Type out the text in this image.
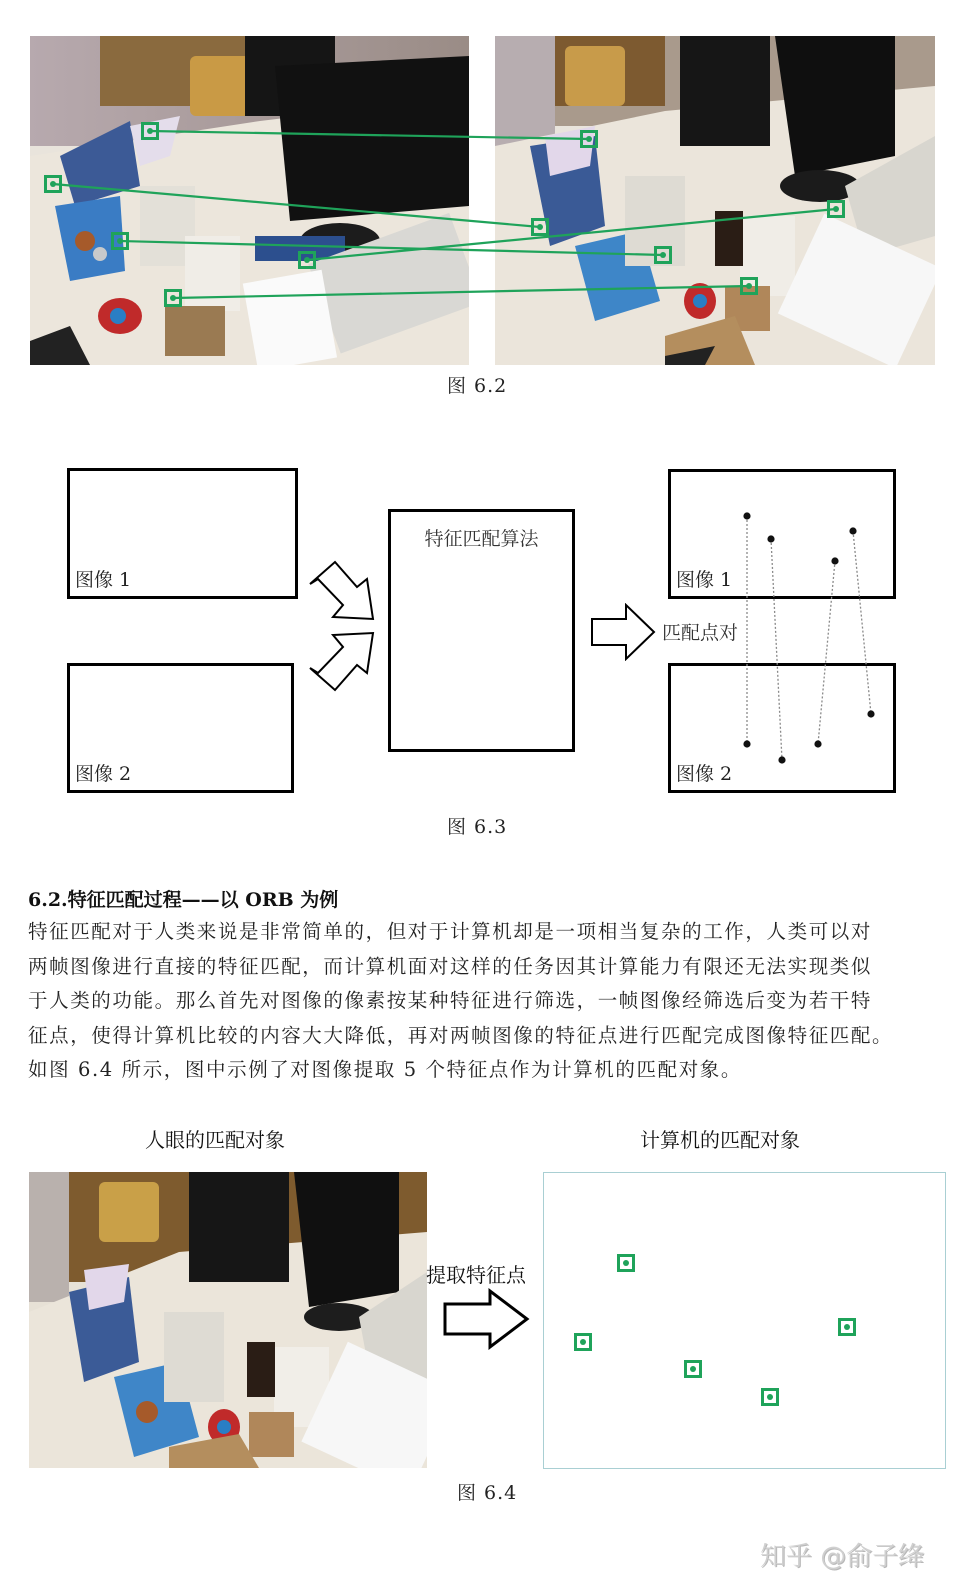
图 6.2
图像 1
图像 2
特征匹配算法
匹配点对
图像 1
图像 2
图 6.3
6.2.特征匹配过程——以 ORB 为例

特征匹配对于人类来说是非常简单的，但对于计算机却是一项相当复杂的工作，人类可以对

两帧图像进行直接的特征匹配，而计算机面对这样的任务因其计算能力有限还无法实现类似

于人类的功能。那么首先对图像的像素按某种特征进行筛选，一帧图像经筛选后变为若干特

征点，使得计算机比较的内容大大降低，再对两帧图像的特征点进行匹配完成图像特征匹配。

如图 6.4 所示，图中示例了对图像提取 5 个特征点作为计算机的匹配对象。

人眼的匹配对象	计算机的匹配对象
提取特征点
图 6.4
知乎 @俞子绛
